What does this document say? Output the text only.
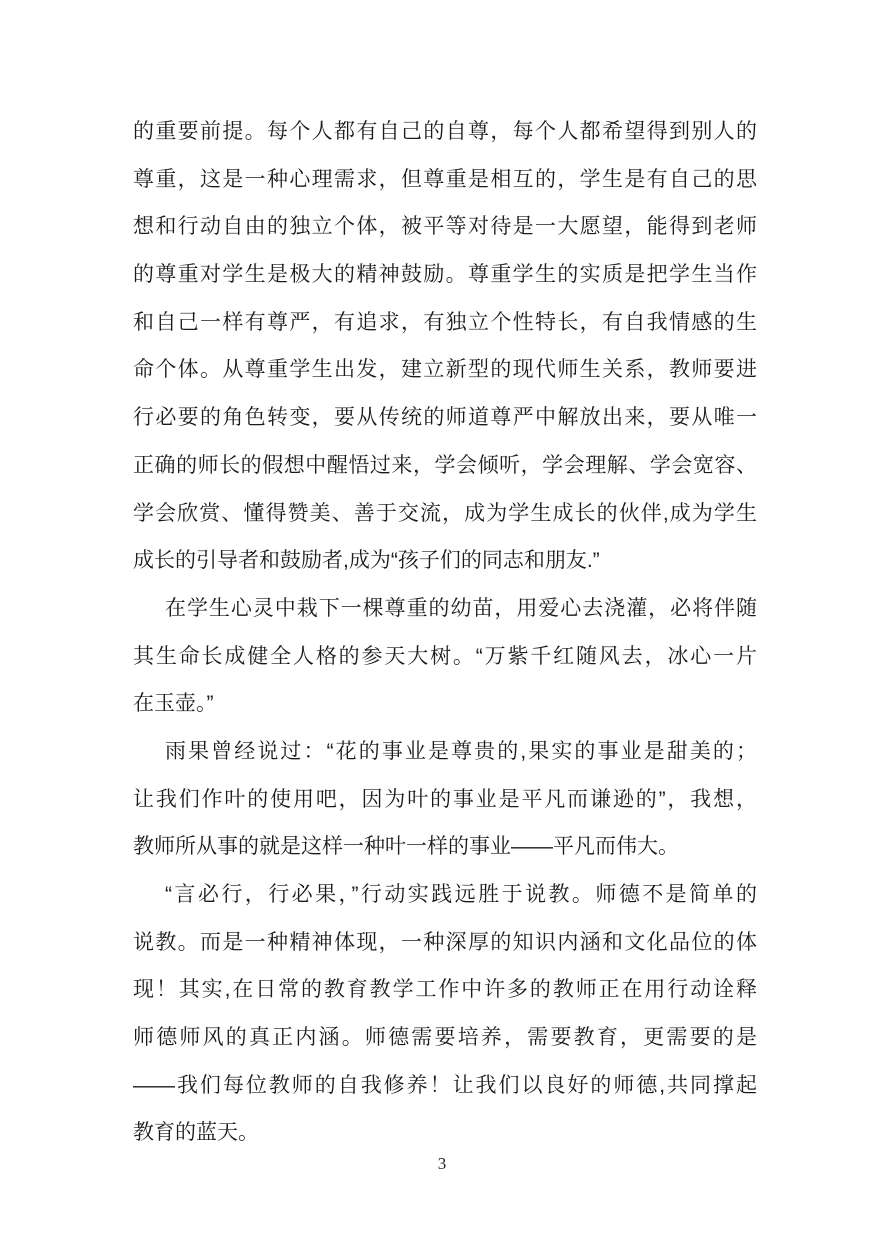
的重要前提。每个人都有自己的自尊，每个人都希望得到别人的
尊重，这是一种心理需求，但尊重是相互的，学生是有自己的思
想和行动自由的独立个体，被平等对待是一大愿望，能得到老师
的尊重对学生是极大的精神鼓励。尊重学生的实质是把学生当作
和自己一样有尊严，有追求，有独立个性特长，有自我情感的生
命个体。从尊重学生出发，建立新型的现代师生关系，教师要进
行必要的角色转变，要从传统的师道尊严中解放出来，要从唯一
正确的师长的假想中醒悟过来，学会倾听，学会理解、学会宽容、
学会欣赏、懂得赞美、善于交流，成为学生成长的伙伴,成为学生
成长的引导者和鼓励者,成为“孩子们的同志和朋友.”
在学生心灵中栽下一棵尊重的幼苗，用爱心去浇灌，必将伴随
其生命长成健全人格的参天大树。“万紫千红随风去，冰心一片
在玉壶。”
雨果曾经说过：“花的事业是尊贵的,果实的事业是甜美的；
让我们作叶的使用吧，因为叶的事业是平凡而谦逊的”，我想，
教师所从事的就是这样一种叶一样的事业——平凡而伟大。
“言必行，行必果，”行动实践远胜于说教。师德不是简单的
说教。而是一种精神体现，一种深厚的知识内涵和文化品位的体
现！其实,在日常的教育教学工作中许多的教师正在用行动诠释
师德师风的真正内涵。师德需要培养，需要教育，更需要的是
——我们每位教师的自我修养！让我们以良好的师德,共同撑起
教育的蓝天。
3
